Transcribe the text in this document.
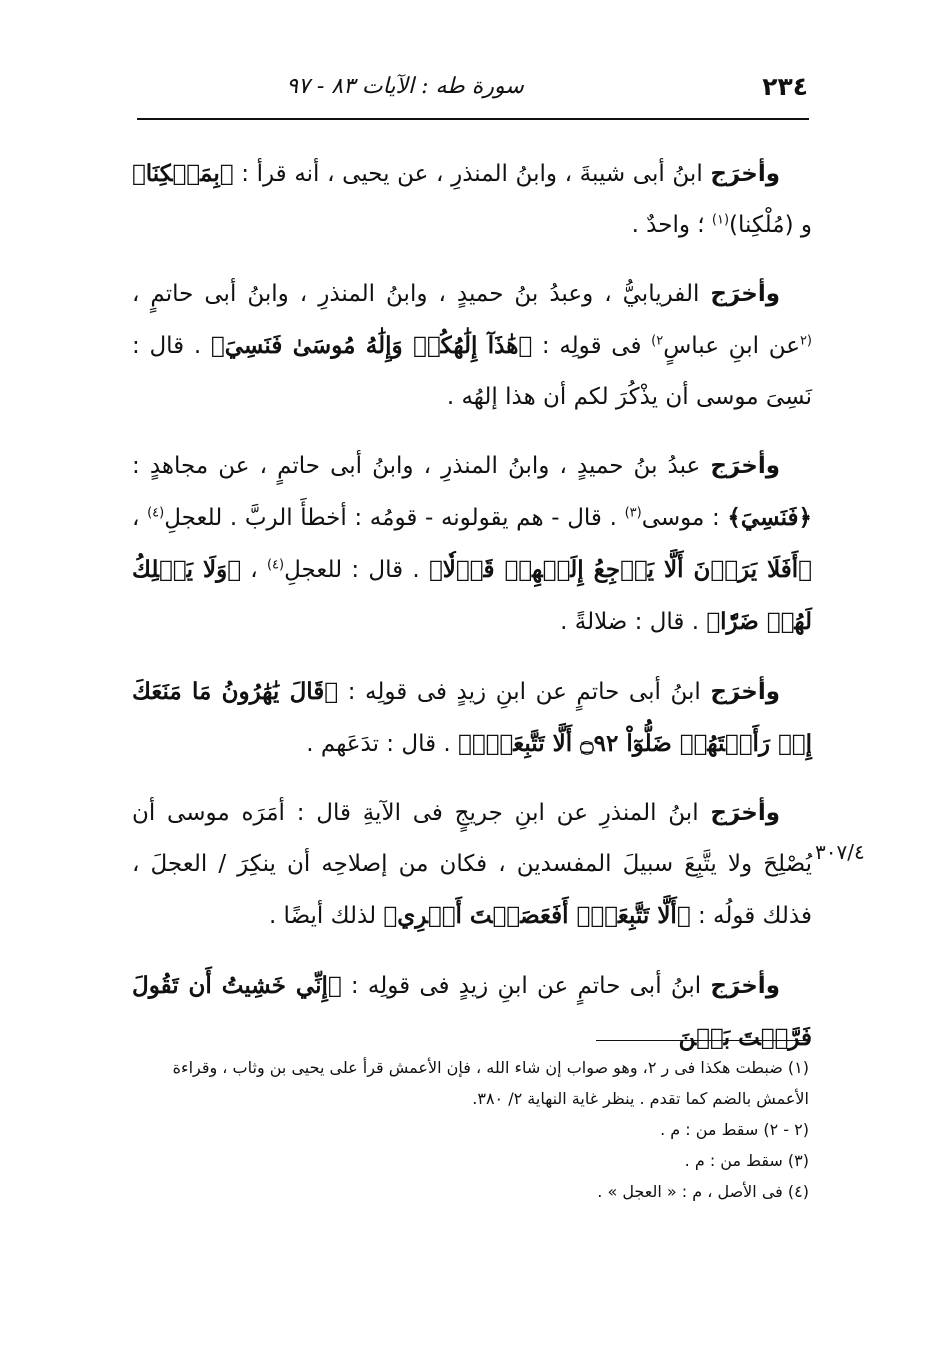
٢٣٤
سورة طه : الآيات ٨٣ - ٩٧
٣٠٧/٤

وأخرَج ابنُ أبى شيبةَ ، وابنُ المنذرِ ، عن يحيى ، أنه قرأ : ﴿بِمَلۡكِنَا﴾ و (مُلْكِنا)$^{(١)}$ ؛ واحدٌ .

وأخرَج الفريابيُّ ، وعبدُ بنُ حميدٍ ، وابنُ المنذرِ ، وابنُ أبى حاتمٍ ، $^{(٢}$عن ابنِ عباسٍ$^{٢)}$ فى قولِه : ﴿هَٰذَآ إِلَٰهُكُمۡ وَإِلَٰهُ مُوسَىٰ فَنَسِيَ﴾ . قال : نَسِىَ موسى أن يذْكُرَ لكم أن هذا إلهُه .

وأخرَج عبدُ بنُ حميدٍ ، وابنُ المنذرِ ، وابنُ أبى حاتمٍ ، عن مجاهدٍ : ﴿فَنَسِيَ﴾ : موسى$^{(٣)}$ . قال - هم يقولونه - قومُه : أخطأَ الربَّ . للعجلِ$^{(٤)}$ ، ﴿أَفَلَا يَرَوۡنَ أَلَّا يَرۡجِعُ إِلَيۡهِمۡ قَوۡلٗا﴾ . قال : للعجلِ$^{(٤)}$ ، ﴿وَلَا يَمۡلِكُ لَهُمۡ ضَرّٗا﴾ . قال : ضلالةً .

وأخرَج ابنُ أبى حاتمٍ عن ابنِ زيدٍ فى قولِه : ﴿قَالَ يَٰهَٰرُونُ مَا مَنَعَكَ إِذۡ رَأَيۡتَهُمۡ ضَلُّوٓاْ ۝٩٢ أَلَّا تَتَّبِعَنِۖ﴾ . قال : تدَعَهم .

وأخرَج ابنُ المنذرِ عن ابنِ جريجٍ فى الآيةِ قال : أمَرَه موسى أن يُصْلِحَ ولا يتَّبِعَ سبيلَ المفسدين ، فكان من إصلاحِه أن ينكِرَ / العجلَ ، فذلك قولُه : ﴿أَلَّا تَتَّبِعَنِۖ أَفَعَصَيۡتَ أَمۡرِي﴾ لذلك أيضًا .

وأخرَج ابنُ أبى حاتمٍ عن ابنِ زيدٍ فى قولِه : ﴿إِنِّي خَشِيتُ أَن تَقُولَ فَرَّقۡتَ بَيۡنَ

(١) ضبطت هكذا فى ر ٢، وهو صواب إن شاء الله ، فإن الأعمش قرأ على يحيى بن وثاب ، وقراءة الأعمش بالضم كما تقدم . ينظر غاية النهاية ٢/ ٣٨٠.

(٢ - ٢) سقط من : م .

(٣) سقط من : م .

(٤) فى الأصل ، م : « العجل » .
